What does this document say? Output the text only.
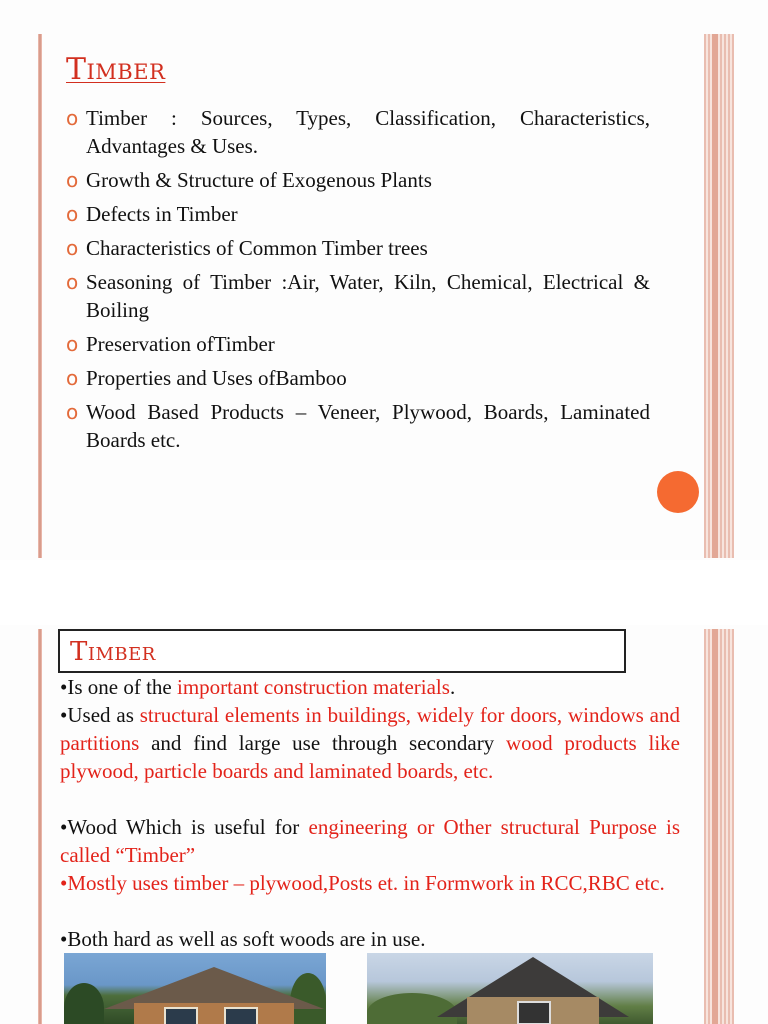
Timber
o Timber : Sources, Types, Classification, Characteristics, Advantages & Uses.
o Growth & Structure of Exogenous Plants
o Defects in Timber
o Characteristics of Common Timber trees
o Seasoning of Timber :Air, Water, Kiln, Chemical, Electrical & Boiling
o Preservation ofTimber
o Properties and Uses ofBamboo
o Wood Based Products – Veneer, Plywood, Boards, Laminated Boards etc.
Timber
•Is one of the important construction materials.
•Used as structural elements in buildings, widely for doors, windows and partitions and find large use through secondary wood products like plywood, particle boards and laminated boards, etc.
•Wood Which is useful for engineering or Other structural Purpose is called “Timber”
•Mostly uses timber – plywood,Posts et. in Formwork in RCC,RBC etc.
•Both hard as well as soft woods are in use.
